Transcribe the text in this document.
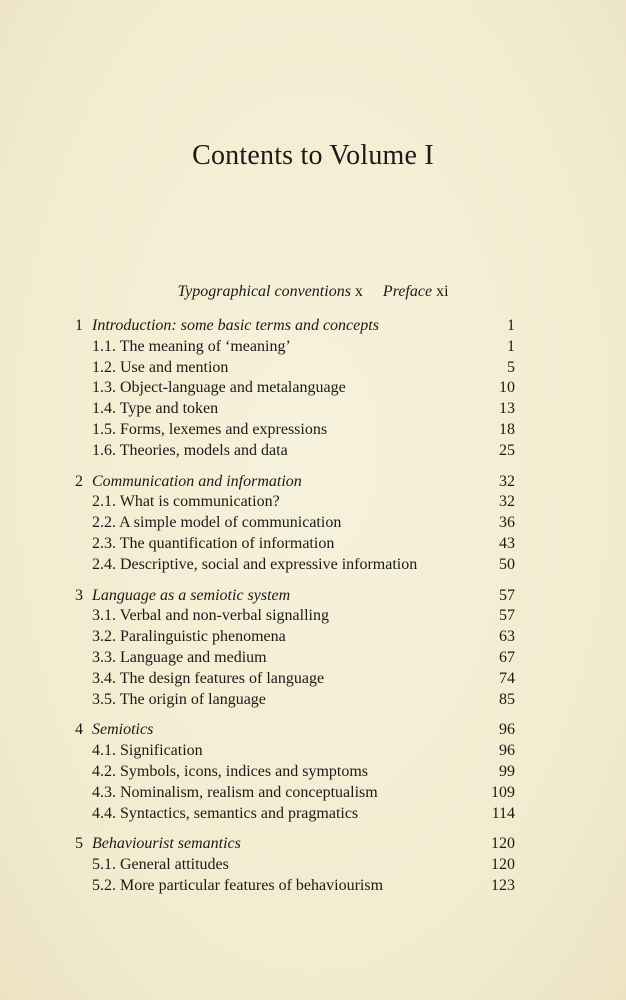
Contents to Volume I
Typographical conventions x Preface xi
1 Introduction: some basic terms and concepts	1
1.1. The meaning of ‘meaning’	1
1.2. Use and mention	5
1.3. Object-language and metalanguage	10
1.4. Type and token	13
1.5. Forms, lexemes and expressions	18
1.6. Theories, models and data	25
2 Communication and information	32
2.1. What is communication?	32
2.2. A simple model of communication	36
2.3. The quantification of information	43
2.4. Descriptive, social and expressive information	50
3 Language as a semiotic system	57
3.1. Verbal and non-verbal signalling	57
3.2. Paralinguistic phenomena	63
3.3. Language and medium	67
3.4. The design features of language	74
3.5. The origin of language	85
4 Semiotics	96
4.1. Signification	96
4.2. Symbols, icons, indices and symptoms	99
4.3. Nominalism, realism and conceptualism	109
4.4. Syntactics, semantics and pragmatics	114
5 Behaviourist semantics	120
5.1. General attitudes	120
5.2. More particular features of behaviourism	123
